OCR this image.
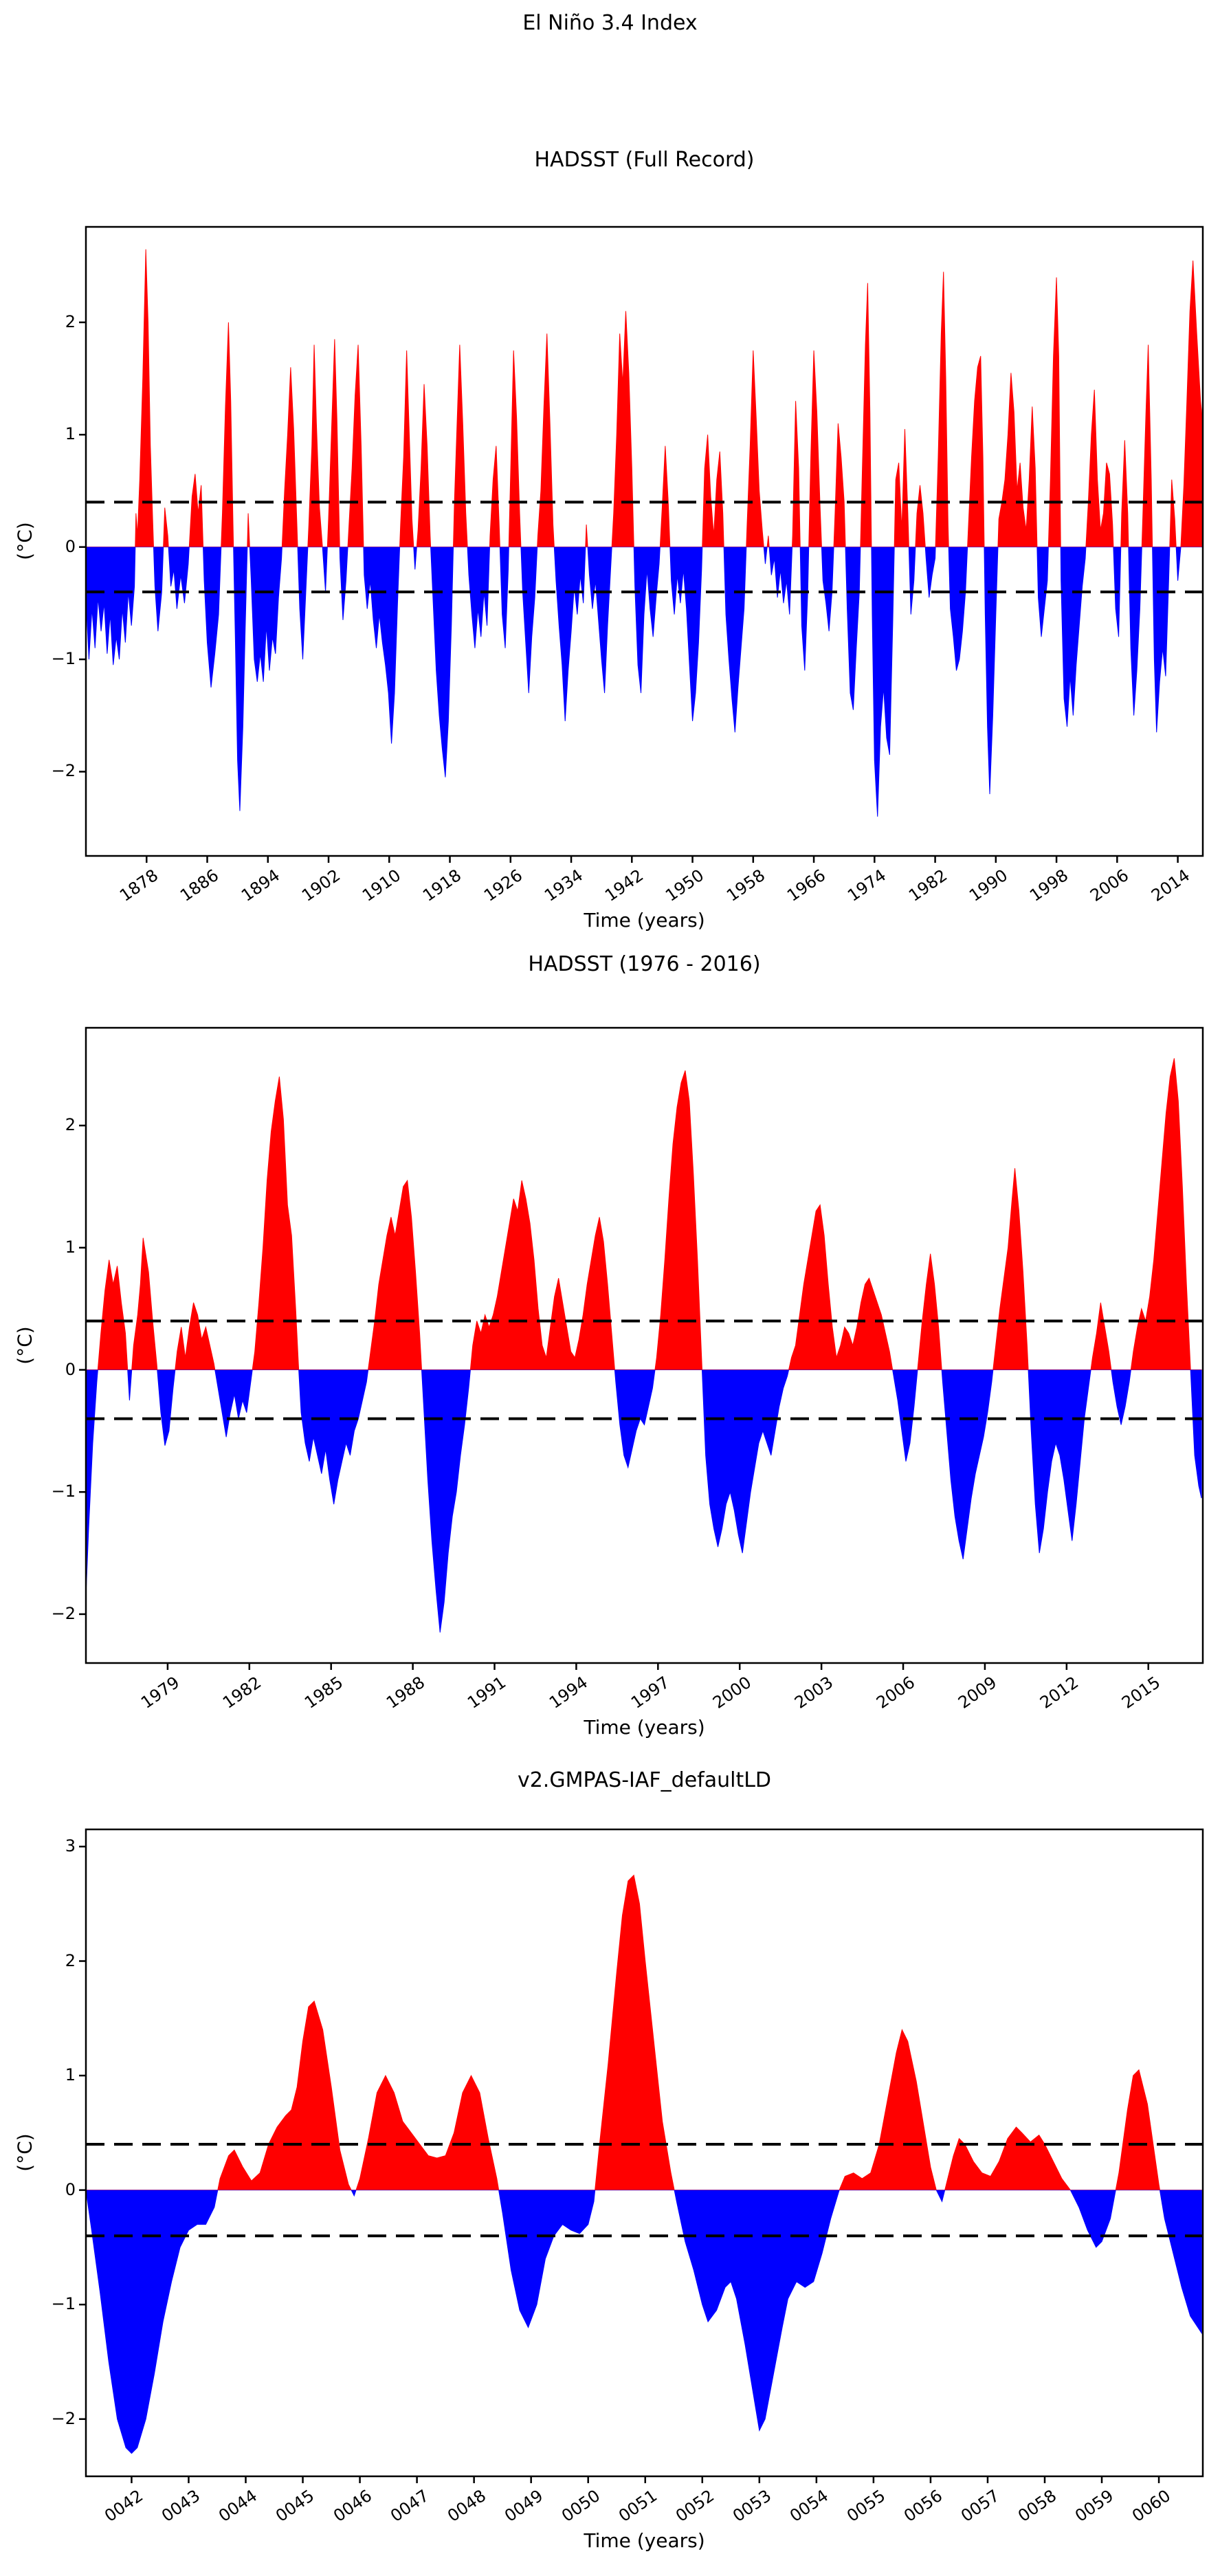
El Niño 3.4 Index
HADSST (Full Record)
Time (years)
(°C)
HADSST (1976 - 2016)
Time (years)
(°C)
v2.GMPAS-IAF_defaultLD
Time (years)
(°C)
1878 1886 1894 1902 1910 1918 1926 1934 1942 1950 1958 1966 1974 1982 1990 1998 2006 2014
−2
−1
0
1
2
1979 1982 1985 1988 1991 1994 1997 2000 2003 2006 2009 2012 2015
−2
−1
0
1
2
0042 0043 0044 0045 0046 0047 0048 0049 0050 0051 0052 0053 0054 0055 0056 0057 0058 0059 0060
−2
−1
0
1
2
3
